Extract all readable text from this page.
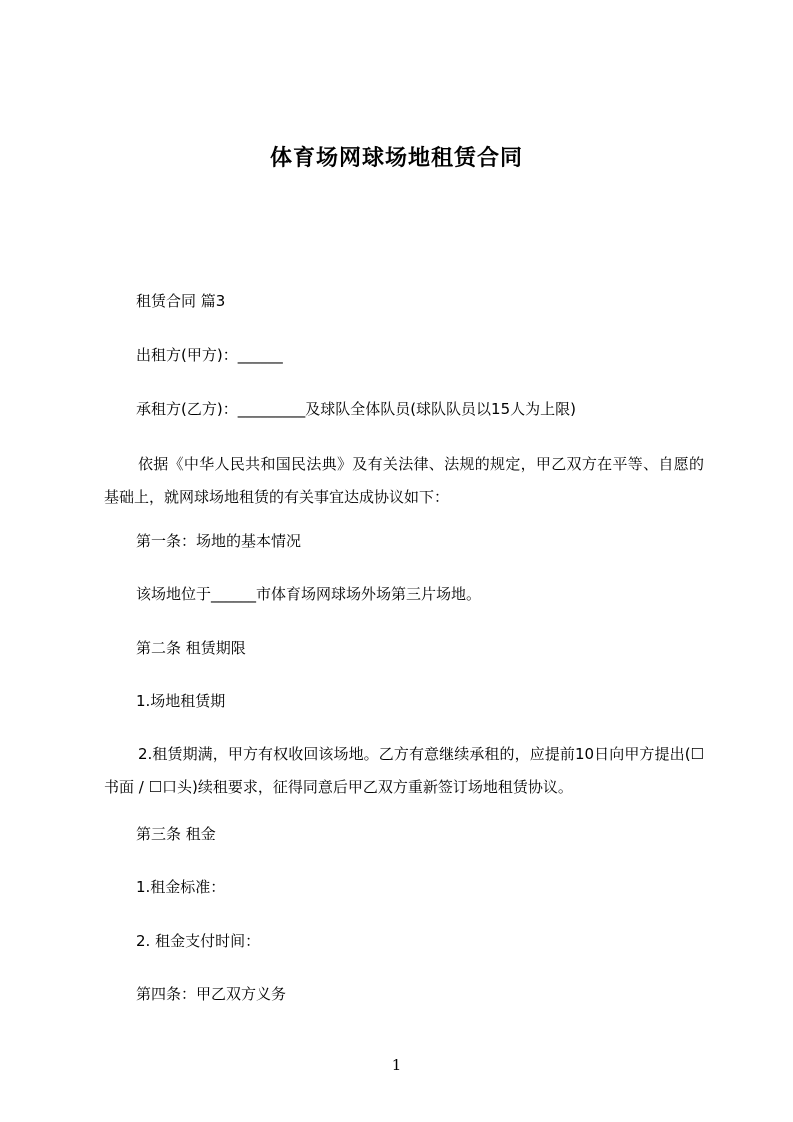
体育场网球场地租赁合同
租赁合同 篇3
出租方(甲方)：______
承租方(乙方)：_________及球队全体队员(球队队员以15人为上限)
依据《中华人民共和国民法典》及有关法律、法规的规定，甲乙双方在平等、自愿的基础上，就网球场地租赁的有关事宜达成协议如下：
第一条：场地的基本情况
该场地位于______市体育场网球场外场第三片场地。
第二条 租赁期限
1.场地租赁期
2.租赁期满，甲方有权收回该场地。乙方有意继续承租的，应提前10日向甲方提出(☐书面 / ☐口头)续租要求，征得同意后甲乙双方重新签订场地租赁协议。
第三条 租金
1.租金标准：
2. 租金支付时间：
第四条：甲乙双方义务
1
